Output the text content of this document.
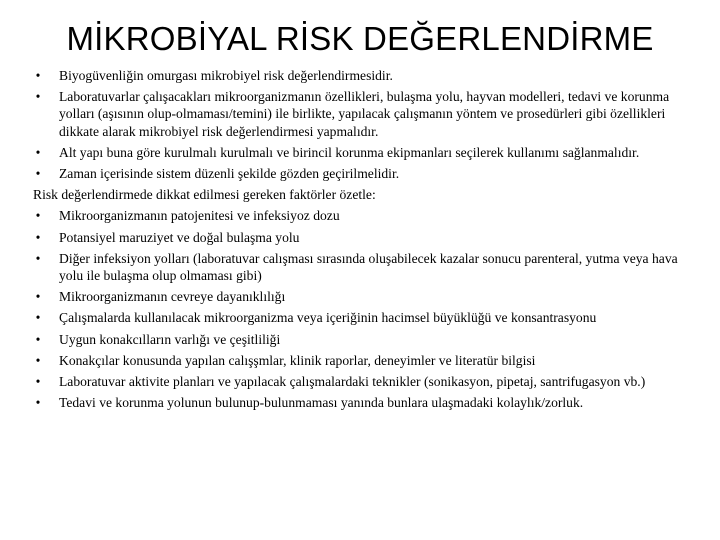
MİKROBİYAL RİSK DEĞERLENDİRME
• Biyogüvenliğin omurgası mikrobiyel risk değerlendirmesidir.
• Laboratuvarlar çalışacakları mikroorganizmanın özellikleri, bulaşma yolu, hayvan modelleri, tedavi ve korunma yolları (aşısının olup-olmaması/temini) ile birlikte, yapılacak çalışmanın yöntem ve prosedürleri gibi özellikleri dikkate alarak mikrobiyel risk değerlendirmesi yapmalıdır.
• Alt yapı buna göre kurulmalı kurulmalı ve birincil korunma ekipmanları seçilerek kullanımı sağlanmalıdır.
• Zaman içerisinde sistem düzenli şekilde gözden geçirilmelidir.
Risk değerlendirmede dikkat edilmesi gereken faktörler özetle:
• Mikroorganizmanın patojenitesi ve infeksiyoz dozu
• Potansiyel maruziyet ve doğal bulaşma yolu
• Diğer infeksiyon yolları (laboratuvar calışması sırasında oluşabilecek kazalar sonucu parenteral, yutma veya hava yolu ile bulaşma olup olmaması gibi)
• Mikroorganizmanın cevreye dayanıklılığı
• Çalışmalarda kullanılacak mikroorganizma veya içeriğinin hacimsel büyüklüğü ve konsantrasyonu
• Uygun konakcılların varlığı ve çeşitliliği
• Konakçılar konusunda yapılan calışşmlar, klinik raporlar, deneyimler ve literatür bilgisi
• Laboratuvar aktivite planları ve yapılacak çalışmalardaki teknikler (sonikasyon, pipetaj, santrifugasyon vb.)
• Tedavi ve korunma yolunun bulunup-bulunmaması yanında bunlara ulaşmadaki kolaylık/zorluk.
